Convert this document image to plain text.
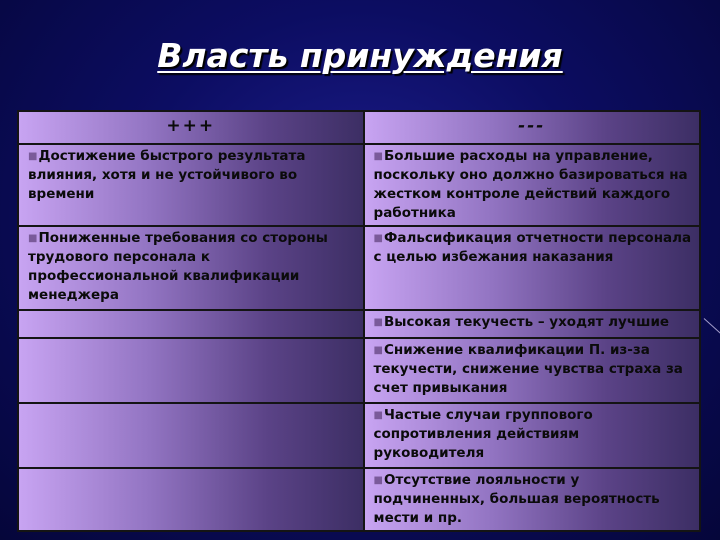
Власть принуждения
+++	---
■Достижение быстрого результата влияния, хотя и не устойчивого во времени	■Большие расходы на управление, поскольку оно должно базироваться на жестком контроле действий каждого работника
■Пониженные требования со стороны трудового персонала к профессиональной квалификации менеджера	■Фальсификация отчетности персонала с целью избежания наказания
	■Высокая текучесть – уходят лучшие
	■Снижение квалификации П. из-за текучести, снижение чувства страха за счет привыкания
	■Частые случаи группового сопротивления действиям руководителя
	■Отсутствие лояльности у подчиненных, большая вероятность мести и пр.
